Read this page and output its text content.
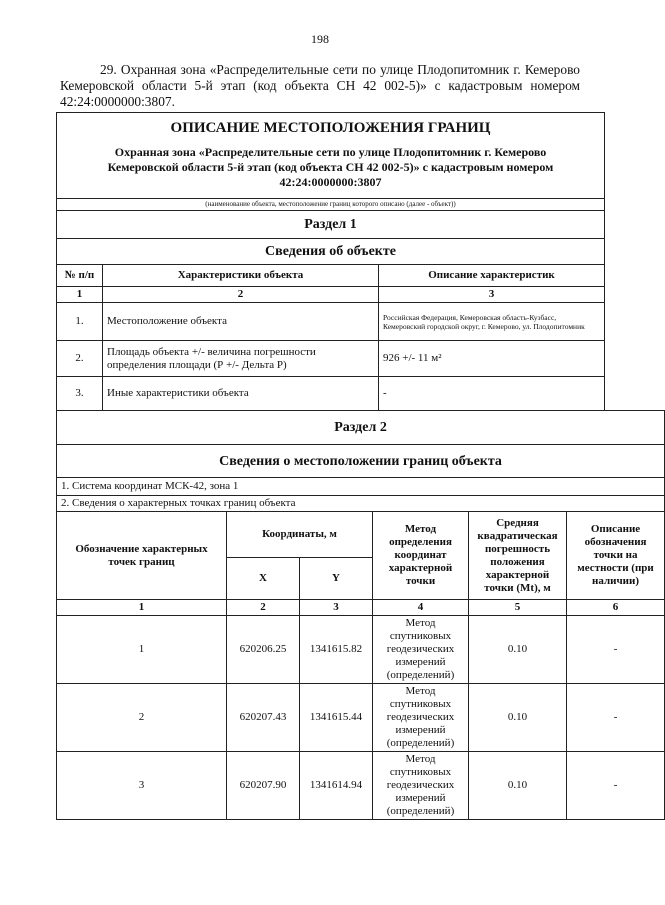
198
29. Охранная зона «Распределительные сети по улице Плодопитомник г. Кемерово Кемеровской области 5-й этап (код объекта СН 42 002-5)» с кадастровым номером 42:24:0000000:3807.
ОПИСАНИЕ МЕСТОПОЛОЖЕНИЯ ГРАНИЦ
Охранная зона «Распределительные сети по улице Плодопитомник г. Кемерово Кемеровской области 5-й этап (код объекта СН 42 002-5)» с кадастровым номером 42:24:0000000:3807		

(наименование объекта, местоположение границ которого описано (далее - объект))		
Раздел 1		
Сведения об объекте		
№ п/п	Характеристики объекта	Описание характеристик
1	2	3
1.	Местоположение объекта	Российская Федерация, Кемеровская область-Кузбасс, Кемеровский городской округ, г. Кемерово, ул. Плодопитомник
2.	Площадь объекта +/- величина погрешности определения площади (Р +/- Дельта Р)	926 +/- 11 м²
3.	Иные характеристики объекта	-
Раздел 2					
Сведения о местоположении границ объекта					
1. Система координат МСК-42, зона 1					
2. Сведения о характерных точках границ объекта					
Обозначение характерных точек границ	Координаты, м		Метод определения координат характерной точки	Средняя квадратическая погрешность положения характерной точки (Mt), м	Описание обозначения точки на местности (при наличии)
	X	Y			
1	2	3	4	5	6
1	620206.25	1341615.82	Метод спутниковых геодезических измерений (определений)	0.10	-
2	620207.43	1341615.44	Метод спутниковых геодезических измерений (определений)	0.10	-
3	620207.90	1341614.94	Метод спутниковых геодезических измерений (определений)	0.10	-
